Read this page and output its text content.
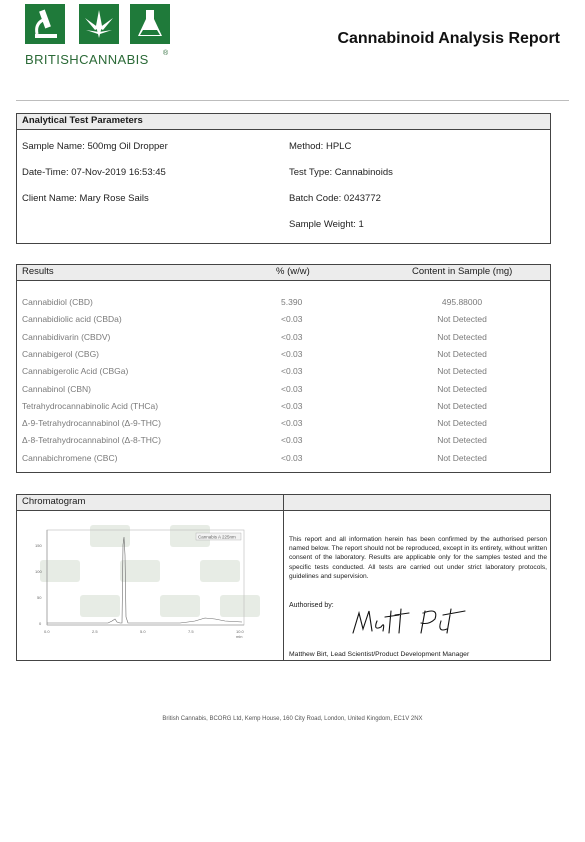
BRITISHCANNABIS ®
Cannabinoid Analysis Report
Analytical Test Parameters
Sample Name: 500mg Oil Dropper
Date-Time: 07-Nov-2019 16:53:45
Client Name: Mary Rose Sails
Method: HPLC
Test Type: Cannabinoids
Batch Code: 0243772
Sample Weight: 1
Results	% (w/w)	Content in Sample (mg)
Cannabidiol (CBD)	5.390	495.88000
Cannabidiolic acid (CBDa)	<0.03	Not Detected
Cannabidivarin (CBDV)	<0.03	Not Detected
Cannabigerol (CBG)	<0.03	Not Detected
Cannabigerolic Acid (CBGa)	<0.03	Not Detected
Cannabinol (CBN)	<0.03	Not Detected
Tetrahydrocannabinolic Acid (THCa)	<0.03	Not Detected
Δ-9-Tetrahydrocannabinol (Δ-9-THC)	<0.03	Not Detected
Δ-8-Tetrahydrocannabinol (Δ-8-THC)	<0.03	Not Detected
Cannabichromene (CBC)	<0.03	Not Detected
Chromatogram
Cannabis A 225nm
150
100
50
0
0.0	2.5	5.0	7.5	10.0
min
This report and all information herein has been confirmed by the authorised person named below. The report should not be reproduced, except in its entirety, without written consent of the laboratory. Results are applicable only for the samples tested and the specific tests conducted. All tests are carried out under strict laboratory protocols, guidelines and supervision.
Authorised by:
Matthew Birt, Lead Scientist/Product Development Manager
British Cannabis, BCORG Ltd, Kemp House, 160 City Road, London, United Kingdom, EC1V 2NX
